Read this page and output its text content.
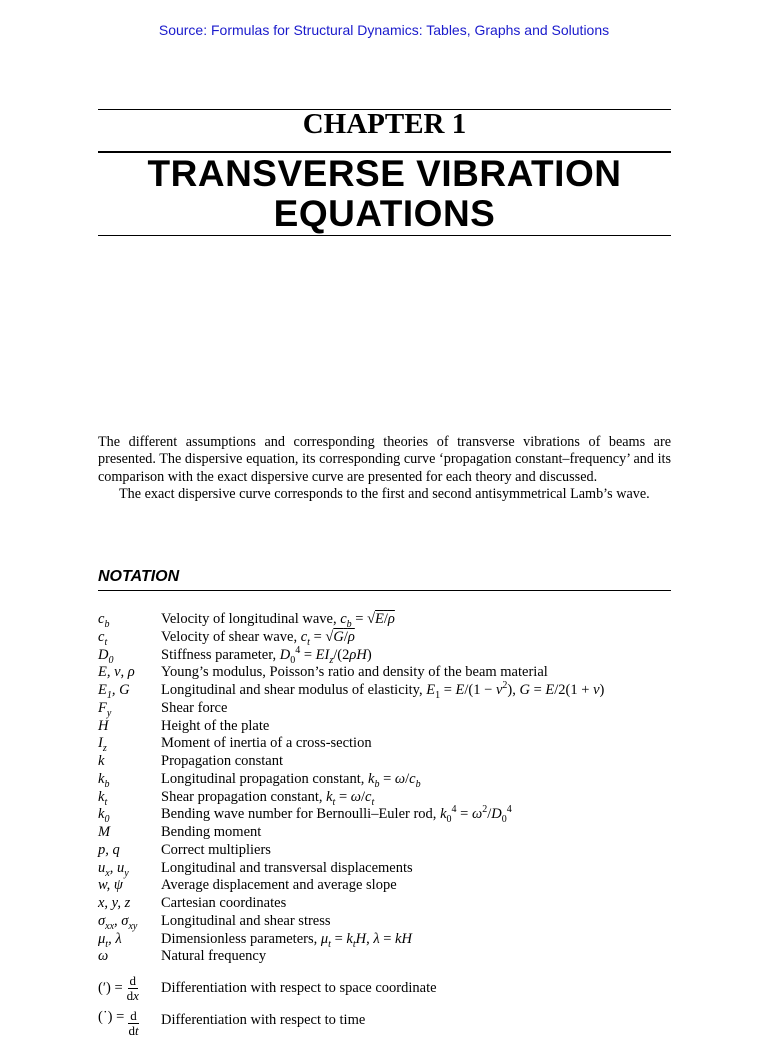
Source: Formulas for Structural Dynamics: Tables, Graphs and Solutions
CHAPTER 1
TRANSVERSE VIBRATION
EQUATIONS

The different assumptions and corresponding theories of transverse vibrations of beams are presented. The dispersive equation, its corresponding curve ‘propagation constant–frequency’ and its comparison with the exact dispersive curve are presented for each theory and discussed.

The exact dispersive curve corresponds to the first and second antisymmetrical Lamb’s wave.

NOTATION
$c_b$	Velocity of longitudinal wave, $c_b = √E/\rho$
$c_t$	Velocity of shear wave, $c_t = √G/\rho$
$D_0$	Stiffness parameter, $D_0^4 = EI_z/(2\rho H)$
E, ν, ρ	Young’s modulus, Poisson’s ratio and density of the beam material
$E_1$, G	Longitudinal and shear modulus of elasticity, $E_1 = E/(1 - \nu^2)$, G = E/2(1 + ν)
$F_y$	Shear force
H	Height of the plate
$I_z$	Moment of inertia of a cross-section
k	Propagation constant
$k_b$	Longitudinal propagation constant, $k_b = \omega/c_b$
$k_t$	Shear propagation constant, $k_t = \omega/c_t$
$k_0$	Bending wave number for Bernoulli–Euler rod, $k_0^4 = \omega^2/D_0^4$
M	Bending moment
p, q	Correct multipliers
$u_x$, $u_y$	Longitudinal and transversal displacements
w, ψ	Average displacement and average slope
x, y, z	Cartesian coordinates
$\sigma_{xx}$, $\sigma_{xy}$	Longitudinal and shear stress
$\mu_t$, λ	Dimensionless parameters, $\mu_t = k_tH$, λ = kH
ω	Natural frequency
(′) = $\frac{d}{dx}$ Differentiation with respect to space coordinate
(˙) = $\frac{d}{dt}$ Differentiation with respect to time
